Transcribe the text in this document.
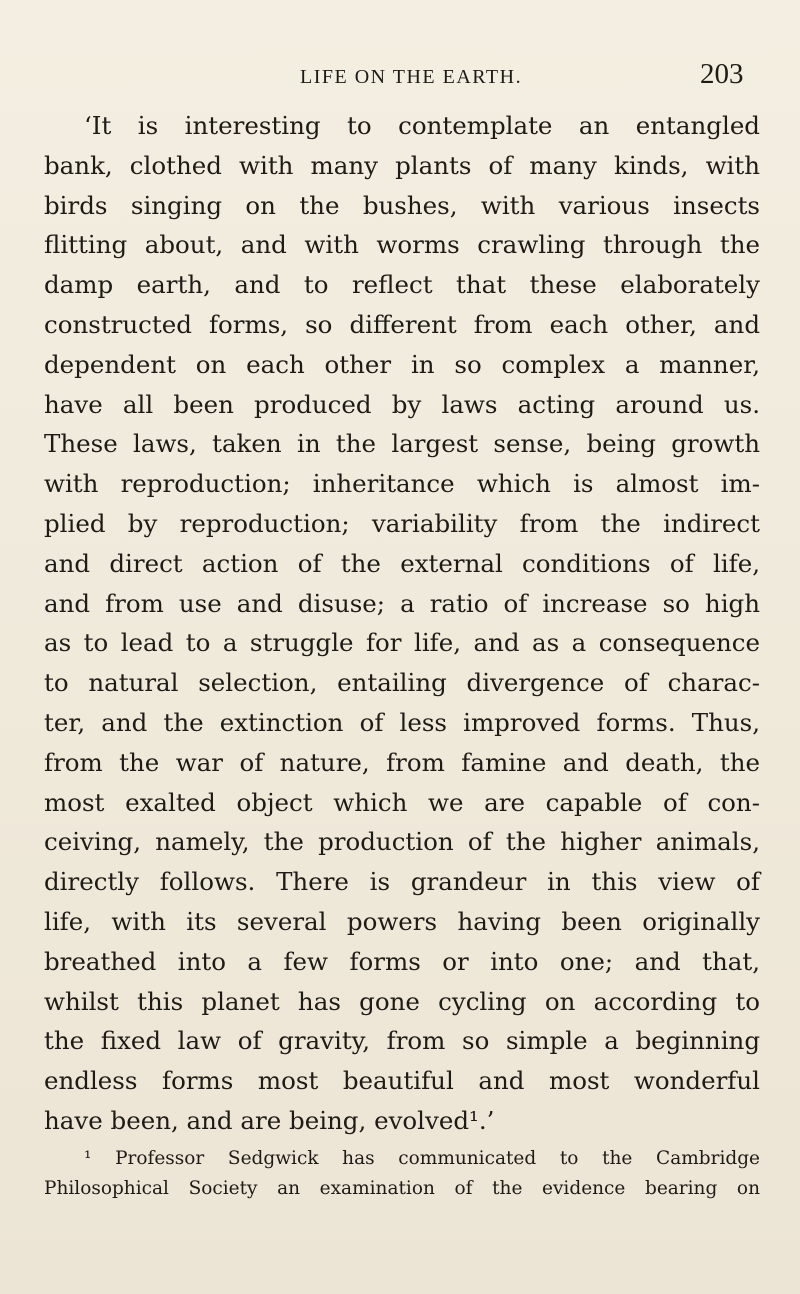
LIFE ON THE EARTH.	203
‘It is interesting to contemplate an entangled
bank, clothed with many plants of many kinds, with
birds singing on the bushes, with various insects
flitting about, and with worms crawling through the
damp earth, and to reflect that these elaborately
constructed forms, so different from each other, and
dependent on each other in so complex a manner,
have all been produced by laws acting around us.
These laws, taken in the largest sense, being growth
with reproduction; inheritance which is almost im-
plied by reproduction; variability from the indirect
and direct action of the external conditions of life,
and from use and disuse; a ratio of increase so high
as to lead to a struggle for life, and as a consequence
to natural selection, entailing divergence of charac-
ter, and the extinction of less improved forms. Thus,
from the war of nature, from famine and death, the
most exalted object which we are capable of con-
ceiving, namely, the production of the higher animals,
directly follows. There is grandeur in this view of
life, with its several powers having been originally
breathed into a few forms or into one; and that,
whilst this planet has gone cycling on according to
the fixed law of gravity, from so simple a beginning
endless forms most beautiful and most wonderful
have been, and are being, evolved¹.’
¹ Professor Sedgwick has communicated to the Cambridge
Philosophical Society an examination of the evidence bearing on
